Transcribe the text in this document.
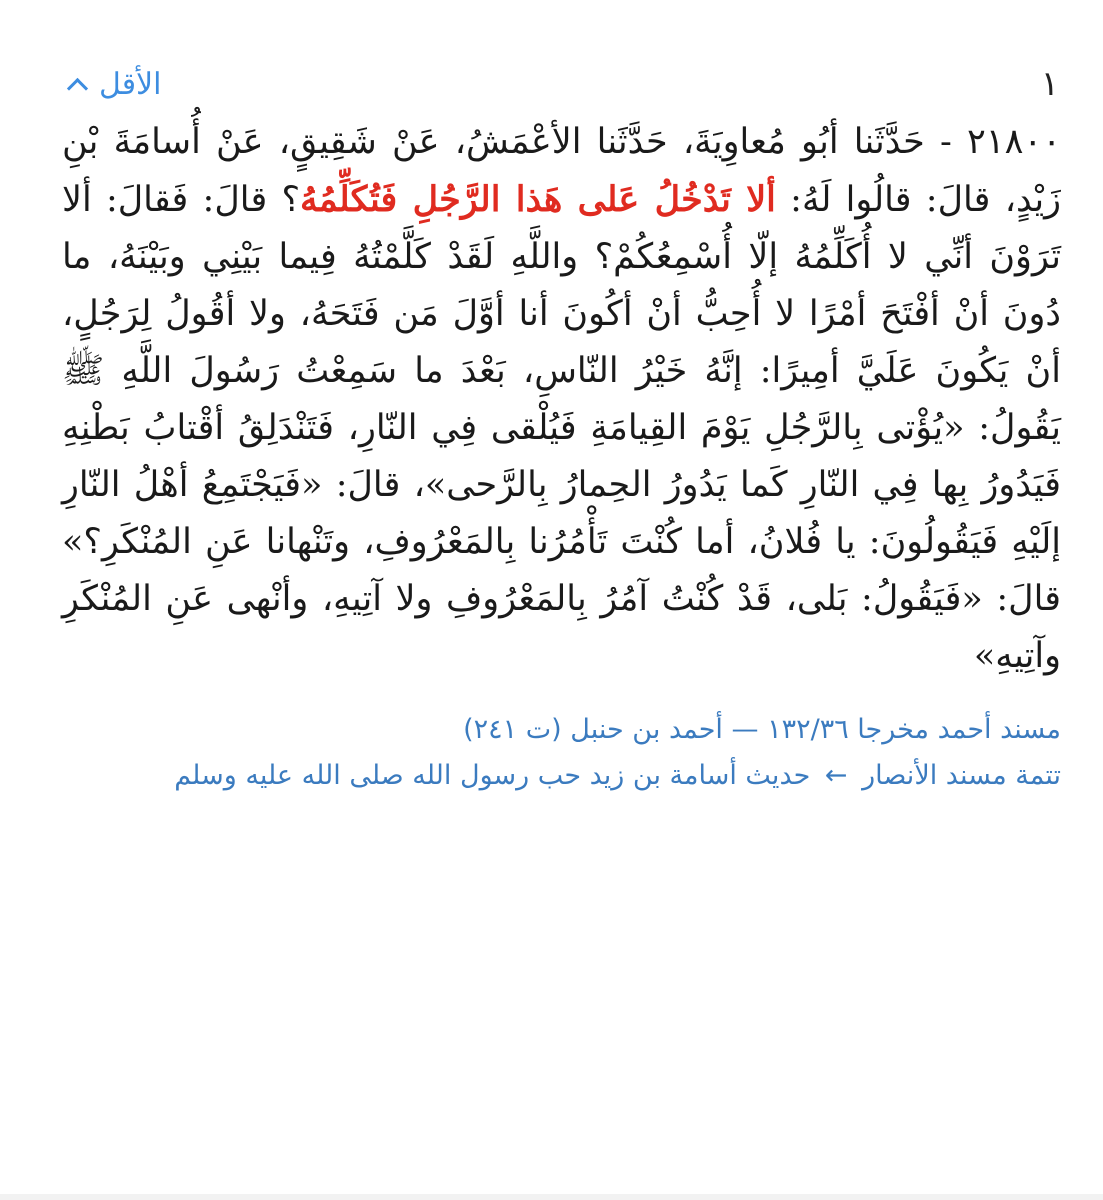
١
الأقل
٢١٨٠٠ - حَدَّثَنا أبُو مُعاوِيَةَ، حَدَّثَنا الأعْمَشُ، عَنْ شَقِيقٍ، عَنْ أُسامَةَ بْنِ زَيْدٍ، قالَ: قالُوا لَهُ: ألا تَدْخُلُ عَلى هَذا الرَّجُلِ فَتُكَلِّمُهُ؟ قالَ: فَقالَ: ألا تَرَوْنَ أنِّي لا أُكَلِّمُهُ إلّا أُسْمِعُكُمْ؟ واللَّهِ لَقَدْ كَلَّمْتُهُ فِيما بَيْنِي وبَيْنَهُ، ما دُونَ أنْ أفْتَحَ أمْرًا لا أُحِبُّ أنْ أكُونَ أنا أوَّلَ مَن فَتَحَهُ، ولا أقُولُ لِرَجُلٍ، أنْ يَكُونَ عَلَيَّ أمِيرًا: إنَّهُ خَيْرُ النّاسِ، بَعْدَ ما سَمِعْتُ رَسُولَ اللَّهِ ﷺ يَقُولُ: «يُؤْتى بِالرَّجُلِ يَوْمَ القِيامَةِ فَيُلْقى فِي النّارِ، فَتَنْدَلِقُ أقْتابُ بَطْنِهِ فَيَدُورُ بِها فِي النّارِ كَما يَدُورُ الحِمارُ بِالرَّحى»، قالَ: «فَيَجْتَمِعُ أهْلُ النّارِ إلَيْهِ فَيَقُولُونَ: يا فُلانُ، أما كُنْتَ تَأْمُرُنا بِالمَعْرُوفِ، وتَنْهانا عَنِ المُنْكَرِ؟» قالَ: «فَيَقُولُ: بَلى، قَدْ كُنْتُ آمُرُ بِالمَعْرُوفِ ولا آتِيهِ، وأنْهى عَنِ المُنْكَرِ وآتِيهِ»
مسند أحمد مخرجا ١٣٢/٣٦ — أحمد بن حنبل (ت ٢٤١)
تتمة مسند الأنصار ← حديث أسامة بن زيد حب رسول الله صلى الله عليه وسلم
